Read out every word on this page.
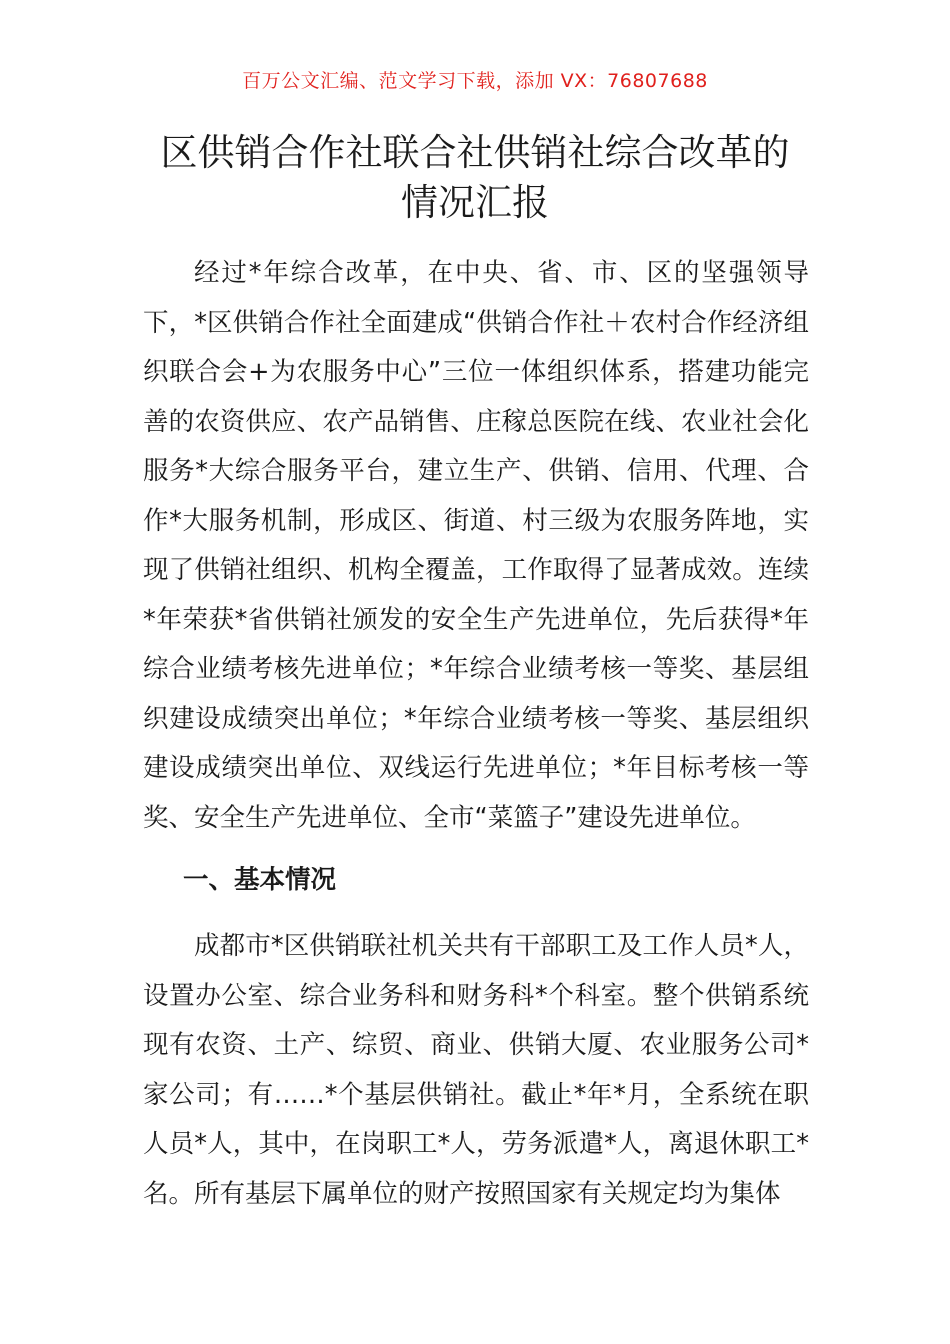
百万公文汇编、范文学习下载，添加 VX：76807688
区供销合作社联合社供销社综合改革的情况汇报

经过*年综合改革，在中央、省、市、区的坚强领导下，*区供销合作社全面建成“供销合作社＋农村合作经济组织联合会+为农服务中心”三位一体组织体系，搭建功能完善的农资供应、农产品销售、庄稼总医院在线、农业社会化服务*大综合服务平台，建立生产、供销、信用、代理、合作*大服务机制，形成区、街道、村三级为农服务阵地，实现了供销社组织、机构全覆盖，工作取得了显著成效。连续*年荣获*省供销社颁发的安全生产先进单位，先后获得*年综合业绩考核先进单位；*年综合业绩考核一等奖、基层组织建设成绩突出单位；*年综合业绩考核一等奖、基层组织建设成绩突出单位、双线运行先进单位；*年目标考核一等奖、安全生产先进单位、全市“菜篮子”建设先进单位。

一、基本情况

成都市*区供销联社机关共有干部职工及工作人员*人，设置办公室、综合业务科和财务科*个科室。整个供销系统现有农资、土产、综贸、商业、供销大厦、农业服务公司*家公司；有……*个基层供销社。截止*年*月，全系统在职人员*人，其中，在岗职工*人，劳务派遣*人，离退休职工*名。所有基层下属单位的财产按照国家有关规定均为集体
